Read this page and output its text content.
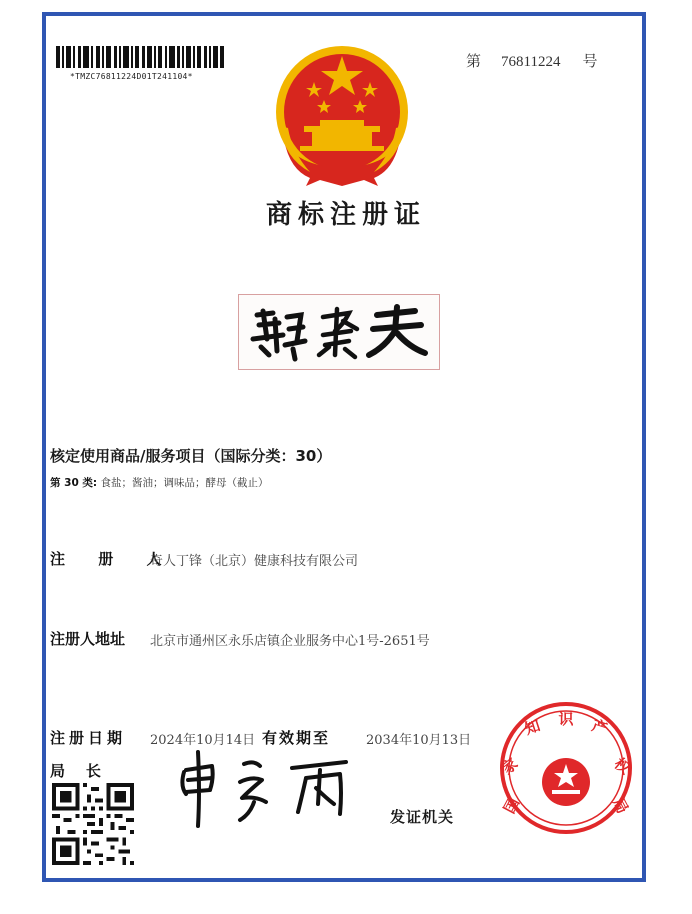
*TMZC76811224D01T241104*
第 76811224 号
商标注册证
核定使用商品/服务项目（国际分类：30）
第 30 类: 食盐；酱油；调味品；酵母（截止）
注 册 人
奇人丁锋（北京）健康科技有限公司
注册人地址 北京市通州区永乐店镇企业服务中心1号-2651号
注册日期 2024年10月14日 有效期至	2034年10月13日
局    长
发证机关
国
家
知 识 产
权
局
